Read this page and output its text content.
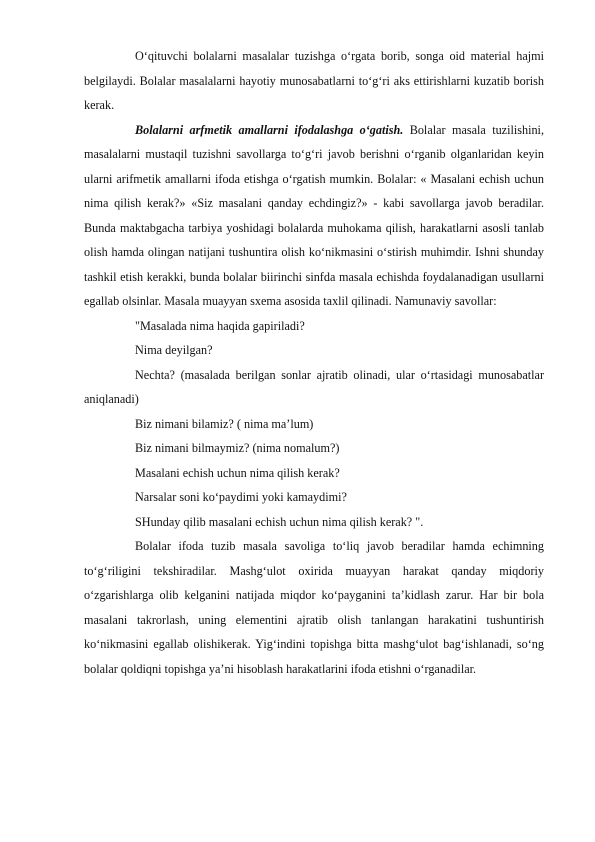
O‘qituvchi bolalarni masalalar tuzishga o‘rgata borib, songa oid material hajmi belgilaydi. Bolalar masalalarni hayotiy munosabatlarni to‘g‘ri aks ettirishlarni kuzatib borish kerak.

Bolalarni arfmetik amallarni ifodalashga o‘gatish. Bolalar masala tuzilishini, masalalarni mustaqil tuzishni savollarga to‘g‘ri javob berishni o‘rganib olganlaridan keyin ularni arifmetik amallarni ifoda etishga o‘rgatish mumkin. Bolalar: « Masalani echish uchun nima qilish kerak?» «Siz masalani qanday echdingiz?» - kabi savollarga javob beradilar. Bunda maktabgacha tarbiya yoshidagi bolalarda muhokama qilish, harakatlarni asosli tanlab olish hamda olingan natijani tushuntira olish ko‘nikmasini o‘stirish muhimdir. Ishni shunday tashkil etish kerakki, bunda bolalar biirinchi sinfda masala echishda foydalanadigan usullarni egallab olsinlar. Masala muayyan sxema asosida taxlil qilinadi. Namunaviy savollar:

"Masalada nima haqida gapiriladi?

Nima deyilgan?

Nechta? (masalada berilgan sonlar ajratib olinadi, ular o‘rtasidagi munosabatlar aniqlanadi)

Biz nimani bilamiz? ( nima ma’lum)

Biz nimani bilmaymiz? (nima nomalum?)

Masalani echish uchun nima qilish kerak?

Narsalar soni ko‘paydimi yoki kamaydimi?

SHunday qilib masalani echish uchun nima qilish kerak? ".

Bolalar ifoda tuzib masala savoliga to‘liq javob beradilar hamda echimning to‘g‘riligini tekshiradilar. Mashg‘ulot oxirida muayyan harakat qanday miqdoriy o‘zgarishlarga olib kelganini natijada miqdor ko‘payganini ta’kidlash zarur. Har bir bola masalani takrorlash, uning elementini ajratib olish tanlangan harakatini tushuntirish ko‘nikmasini egallab olishikerak. Yig‘indini topishga bitta mashg‘ulot bag‘ishlanadi, so‘ng bolalar qoldiqni topishga ya’ni hisoblash harakatlarini ifoda etishni o‘rganadilar.
